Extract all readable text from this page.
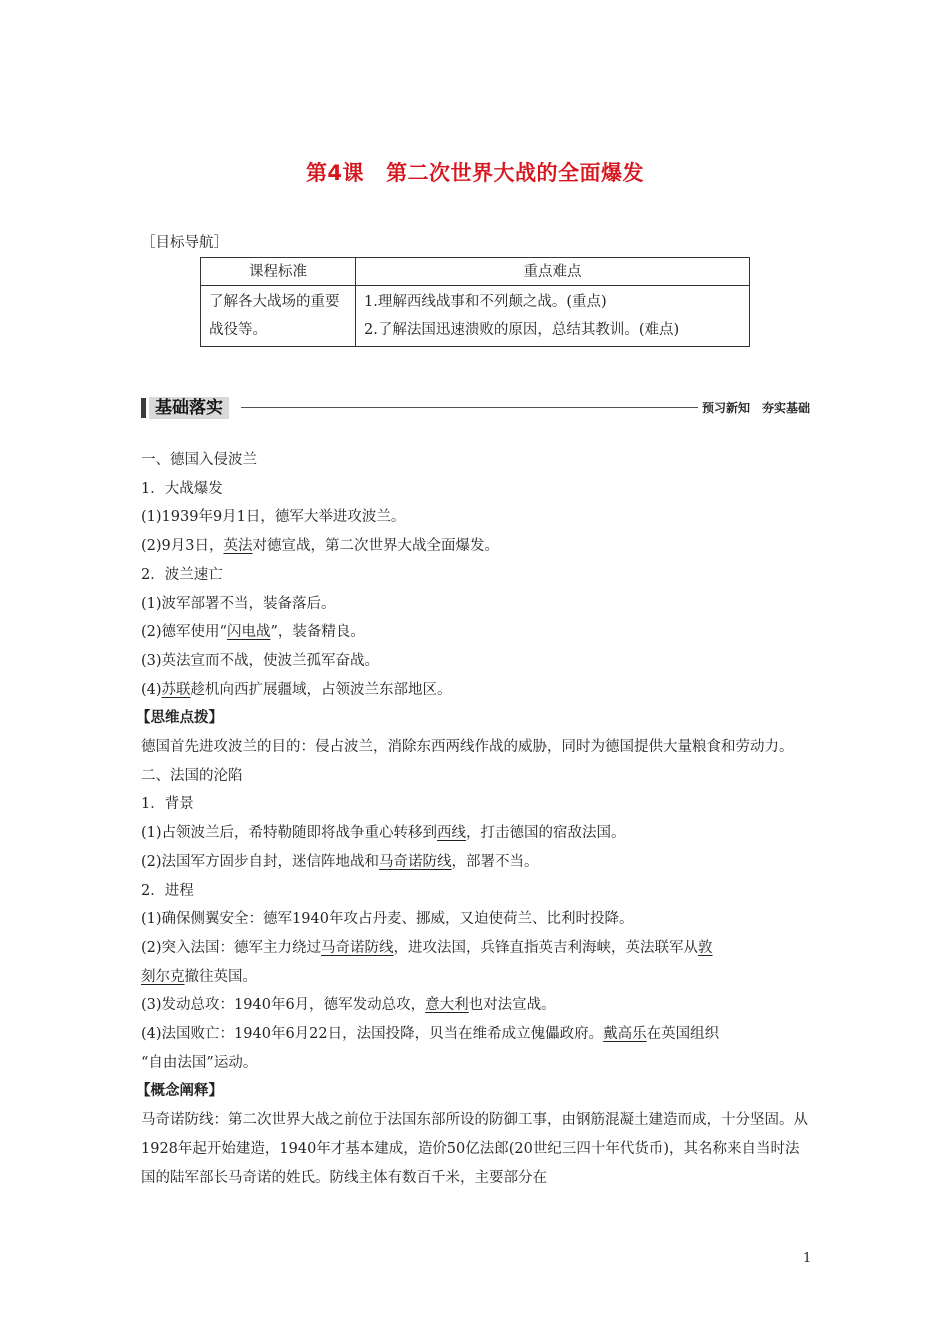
第4课 第二次世界大战的全面爆发
［目标导航］
课程标准	重点难点

了解各大战场的重要战役等。	1.理解西线战事和不列颠之战。(重点)

2.了解法国迅速溃败的原因，总结其教训。(难点)

基础落实	预习新知　夯实基础

一、德国入侵波兰

1．大战爆发

(1)1939年9月1日，德军大举进攻波兰。

(2)9月3日，英法对德宣战，第二次世界大战全面爆发。

2．波兰速亡

(1)波军部署不当，装备落后。

(2)德军使用“闪电战”，装备精良。

(3)英法宣而不战，使波兰孤军奋战。

(4)苏联趁机向西扩展疆域，占领波兰东部地区。

【思维点拨】

德国首先进攻波兰的目的：侵占波兰，消除东西两线作战的威胁，同时为德国提供大量粮食和劳动力。

二、法国的沦陷

1．背景

(1)占领波兰后，希特勒随即将战争重心转移到西线，打击德国的宿敌法国。

(2)法国军方固步自封，迷信阵地战和马奇诺防线，部署不当。

2．进程

(1)确保侧翼安全：德军1940年攻占丹麦、挪威，又迫使荷兰、比利时投降。

(2)突入法国：德军主力绕过马奇诺防线，进攻法国，兵锋直指英吉利海峡，英法联军从敦
刻尔克撤往英国。

(3)发动总攻：1940年6月，德军发动总攻，意大利也对法宣战。

(4)法国败亡：1940年6月22日，法国投降，贝当在维希成立傀儡政府。戴高乐在英国组织
“自由法国”运动。

【概念阐释】

马奇诺防线：第二次世界大战之前位于法国东部所设的防御工事，由钢筋混凝土建造而成，十分坚固。从1928年起开始建造，1940年才基本建成，造价50亿法郎(20世纪三四十年代货币)，其名称来自当时法国的陆军部长马奇诺的姓氏。防线主体有数百千米，主要部分在

1
